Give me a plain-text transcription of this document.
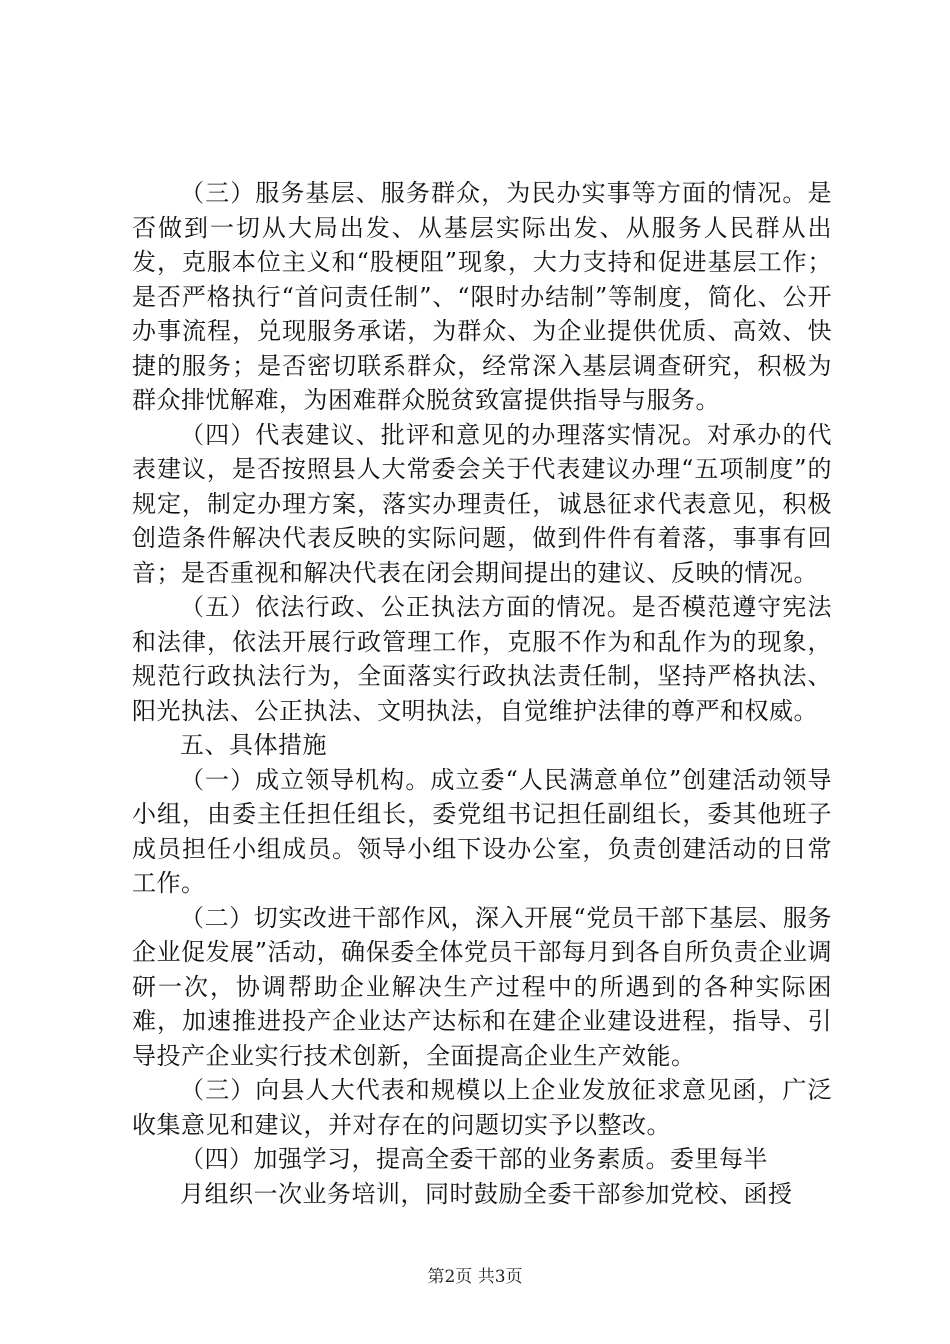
（三）服务基层、服务群众，为民办实事等方面的情况。是否做到一切从大局出发、从基层实际出发、从服务人民群从出发，克服本位主义和“股梗阻”现象，大力支持和促进基层工作；是否严格执行“首问责任制”、“限时办结制”等制度，简化、公开办事流程，兑现服务承诺，为群众、为企业提供优质、高效、快捷的服务；是否密切联系群众，经常深入基层调查研究，积极为群众排忧解难，为困难群众脱贫致富提供指导与服务。

（四）代表建议、批评和意见的办理落实情况。对承办的代表建议，是否按照县人大常委会关于代表建议办理“五项制度”的规定，制定办理方案，落实办理责任，诚恳征求代表意见，积极创造条件解决代表反映的实际问题，做到件件有着落，事事有回音；是否重视和解决代表在闭会期间提出的建议、反映的情况。

（五）依法行政、公正执法方面的情况。是否模范遵守宪法和法律，依法开展行政管理工作，克服不作为和乱作为的现象，规范行政执法行为，全面落实行政执法责任制，坚持严格执法、阳光执法、公正执法、文明执法，自觉维护法律的尊严和权威。

五、具体措施

（一）成立领导机构。成立委“人民满意单位”创建活动领导小组，由委主任担任组长，委党组书记担任副组长，委其他班子成员担任小组成员。领导小组下设办公室，负责创建活动的日常工作。

（二）切实改进干部作风，深入开展“党员干部下基层、服务企业促发展”活动，确保委全体党员干部每月到各自所负责企业调研一次，协调帮助企业解决生产过程中的所遇到的各种实际困难，加速推进投产企业达产达标和在建企业建设进程，指导、引导投产企业实行技术创新，全面提高企业生产效能。

（三）向县人大代表和规模以上企业发放征求意见函，广泛收集意见和建议，并对存在的问题切实予以整改。

（四）加强学习，提高全委干部的业务素质。委里每半

月组织一次业务培训，同时鼓励全委干部参加党校、函授

第2页 共3页
